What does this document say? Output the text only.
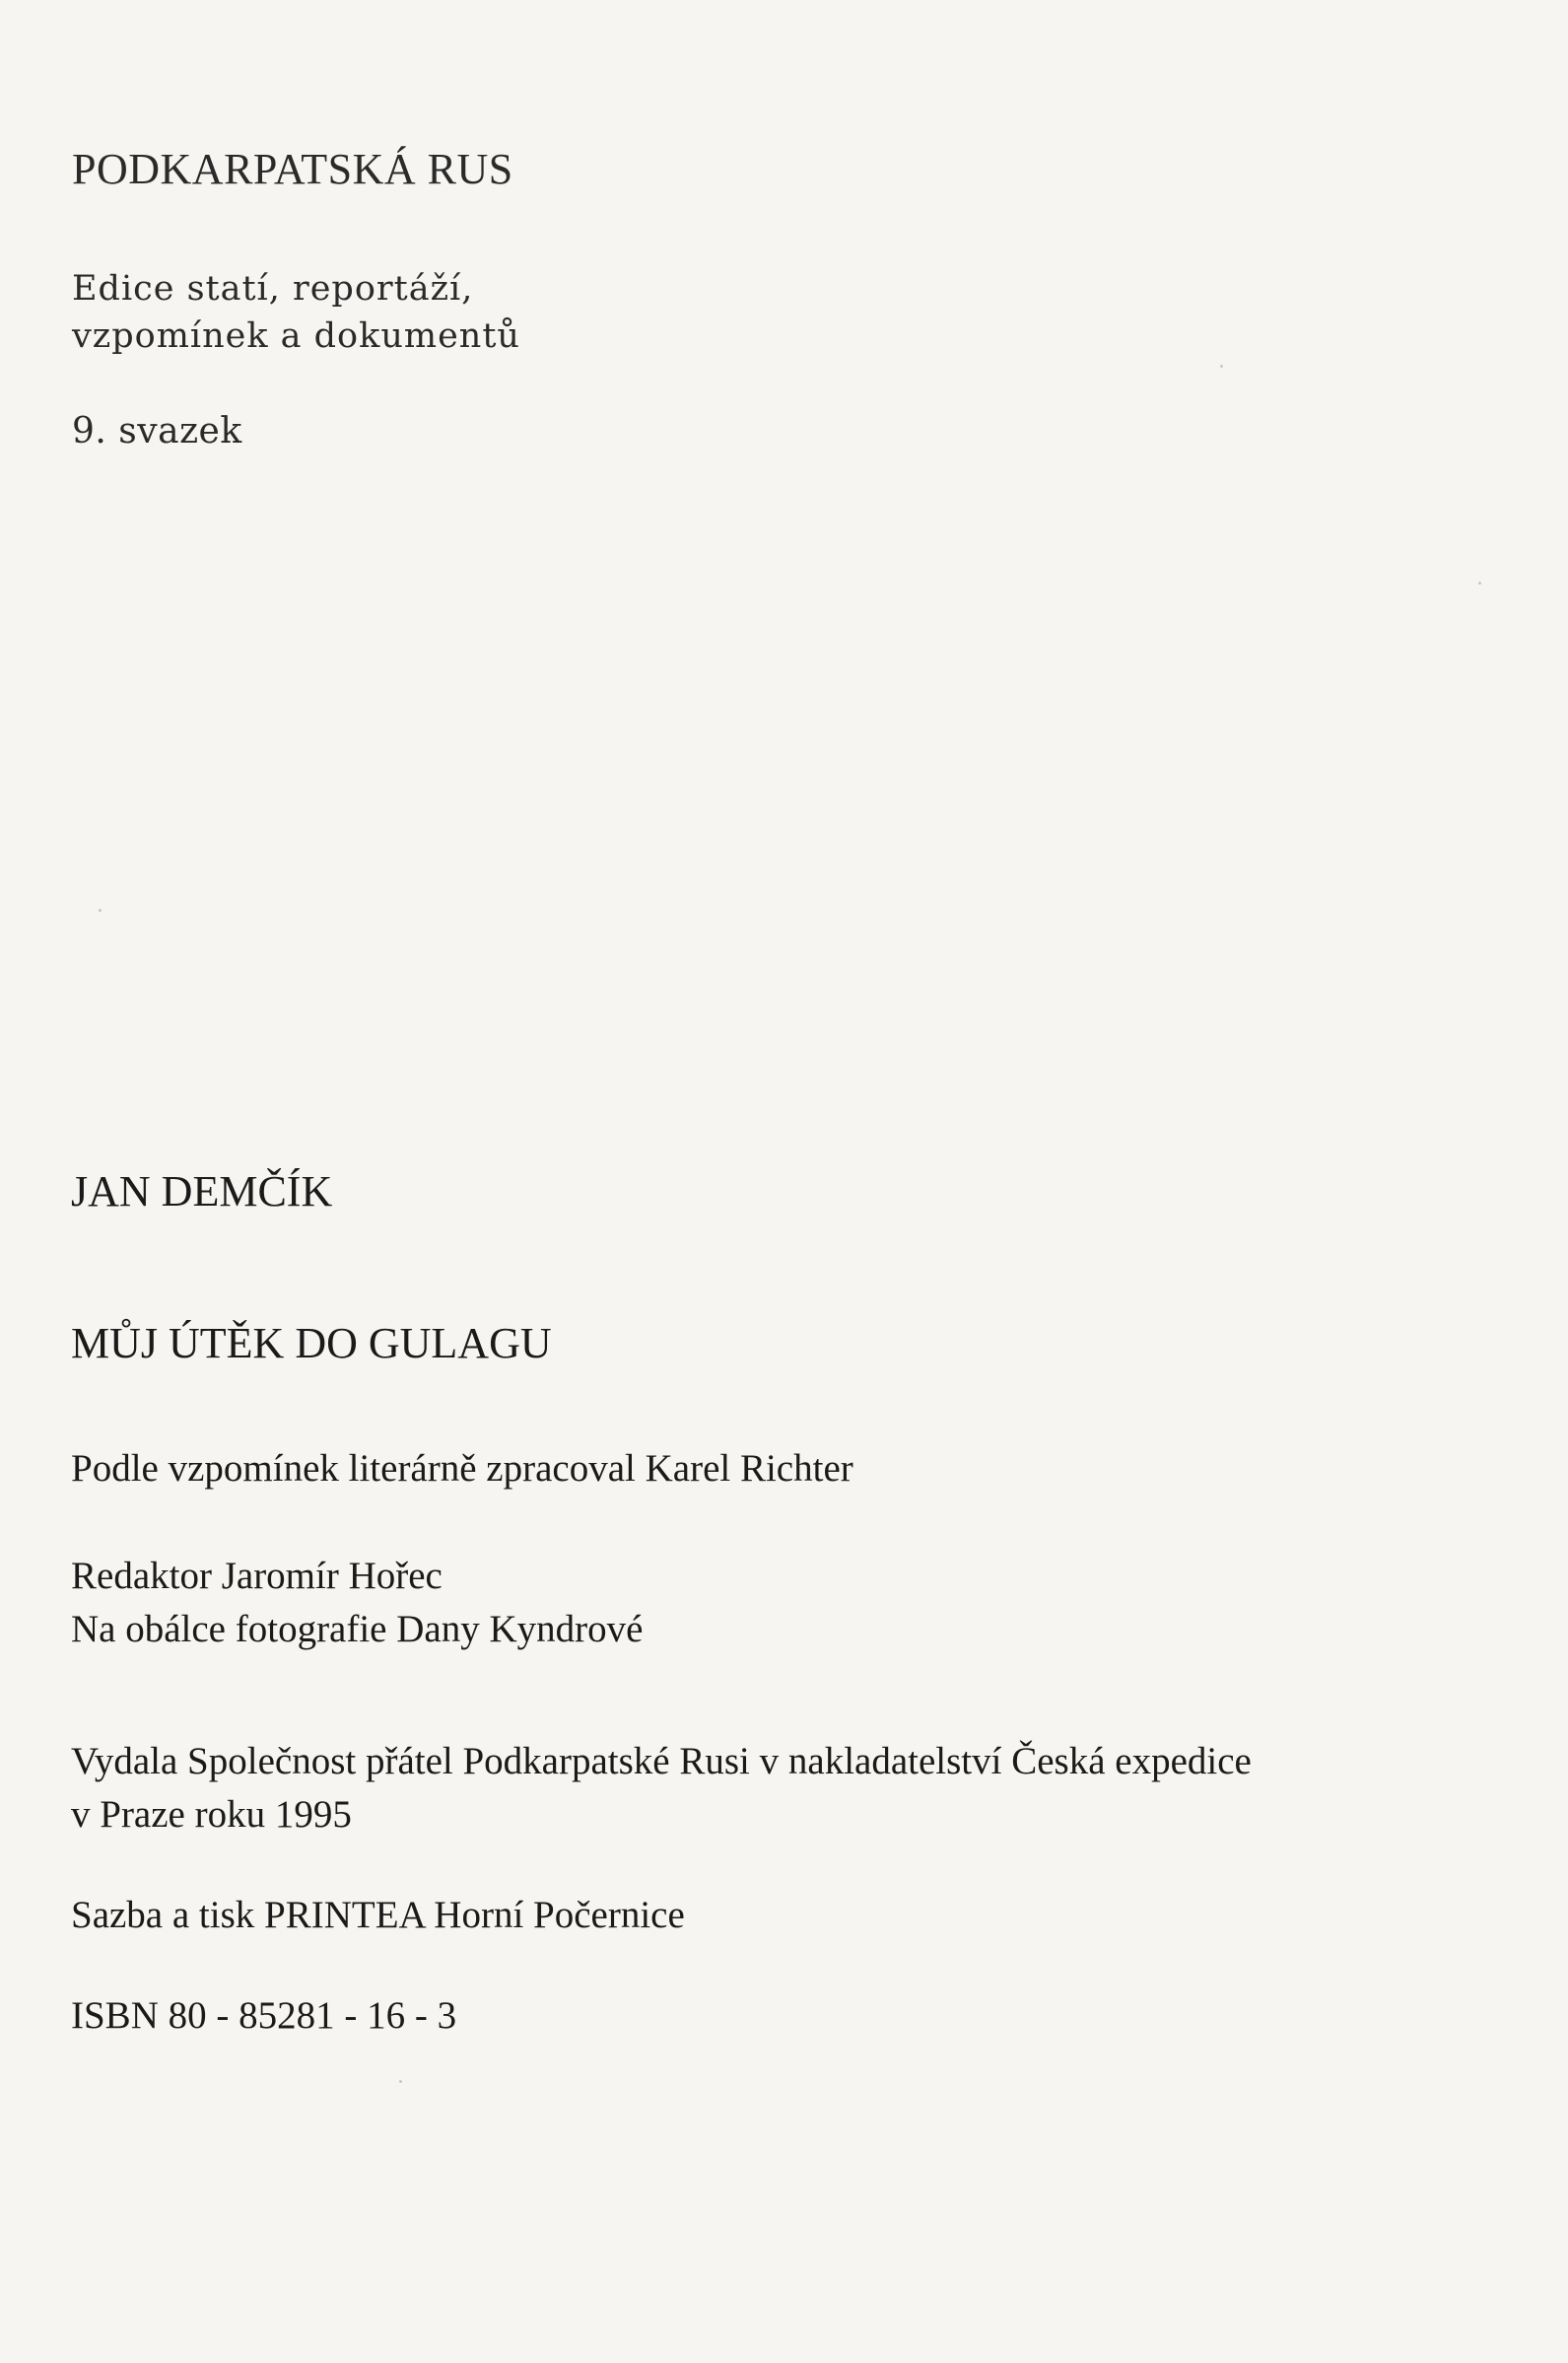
PODKARPATSKÁ RUS
Edice statí, reportáží,
vzpomínek a dokumentů
9. svazek
JAN DEMČÍK
MŮJ ÚTĚK DO GULAGU
Podle vzpomínek literárně zpracoval Karel Richter
Redaktor Jaromír Hořec
Na obálce fotografie Dany Kyndrové
Vydala Společnost přátel Podkarpatské Rusi v nakladatelství Česká expedice
v Praze roku 1995
Sazba a tisk PRINTEA Horní Počernice
ISBN 80 - 85281 - 16 - 3
